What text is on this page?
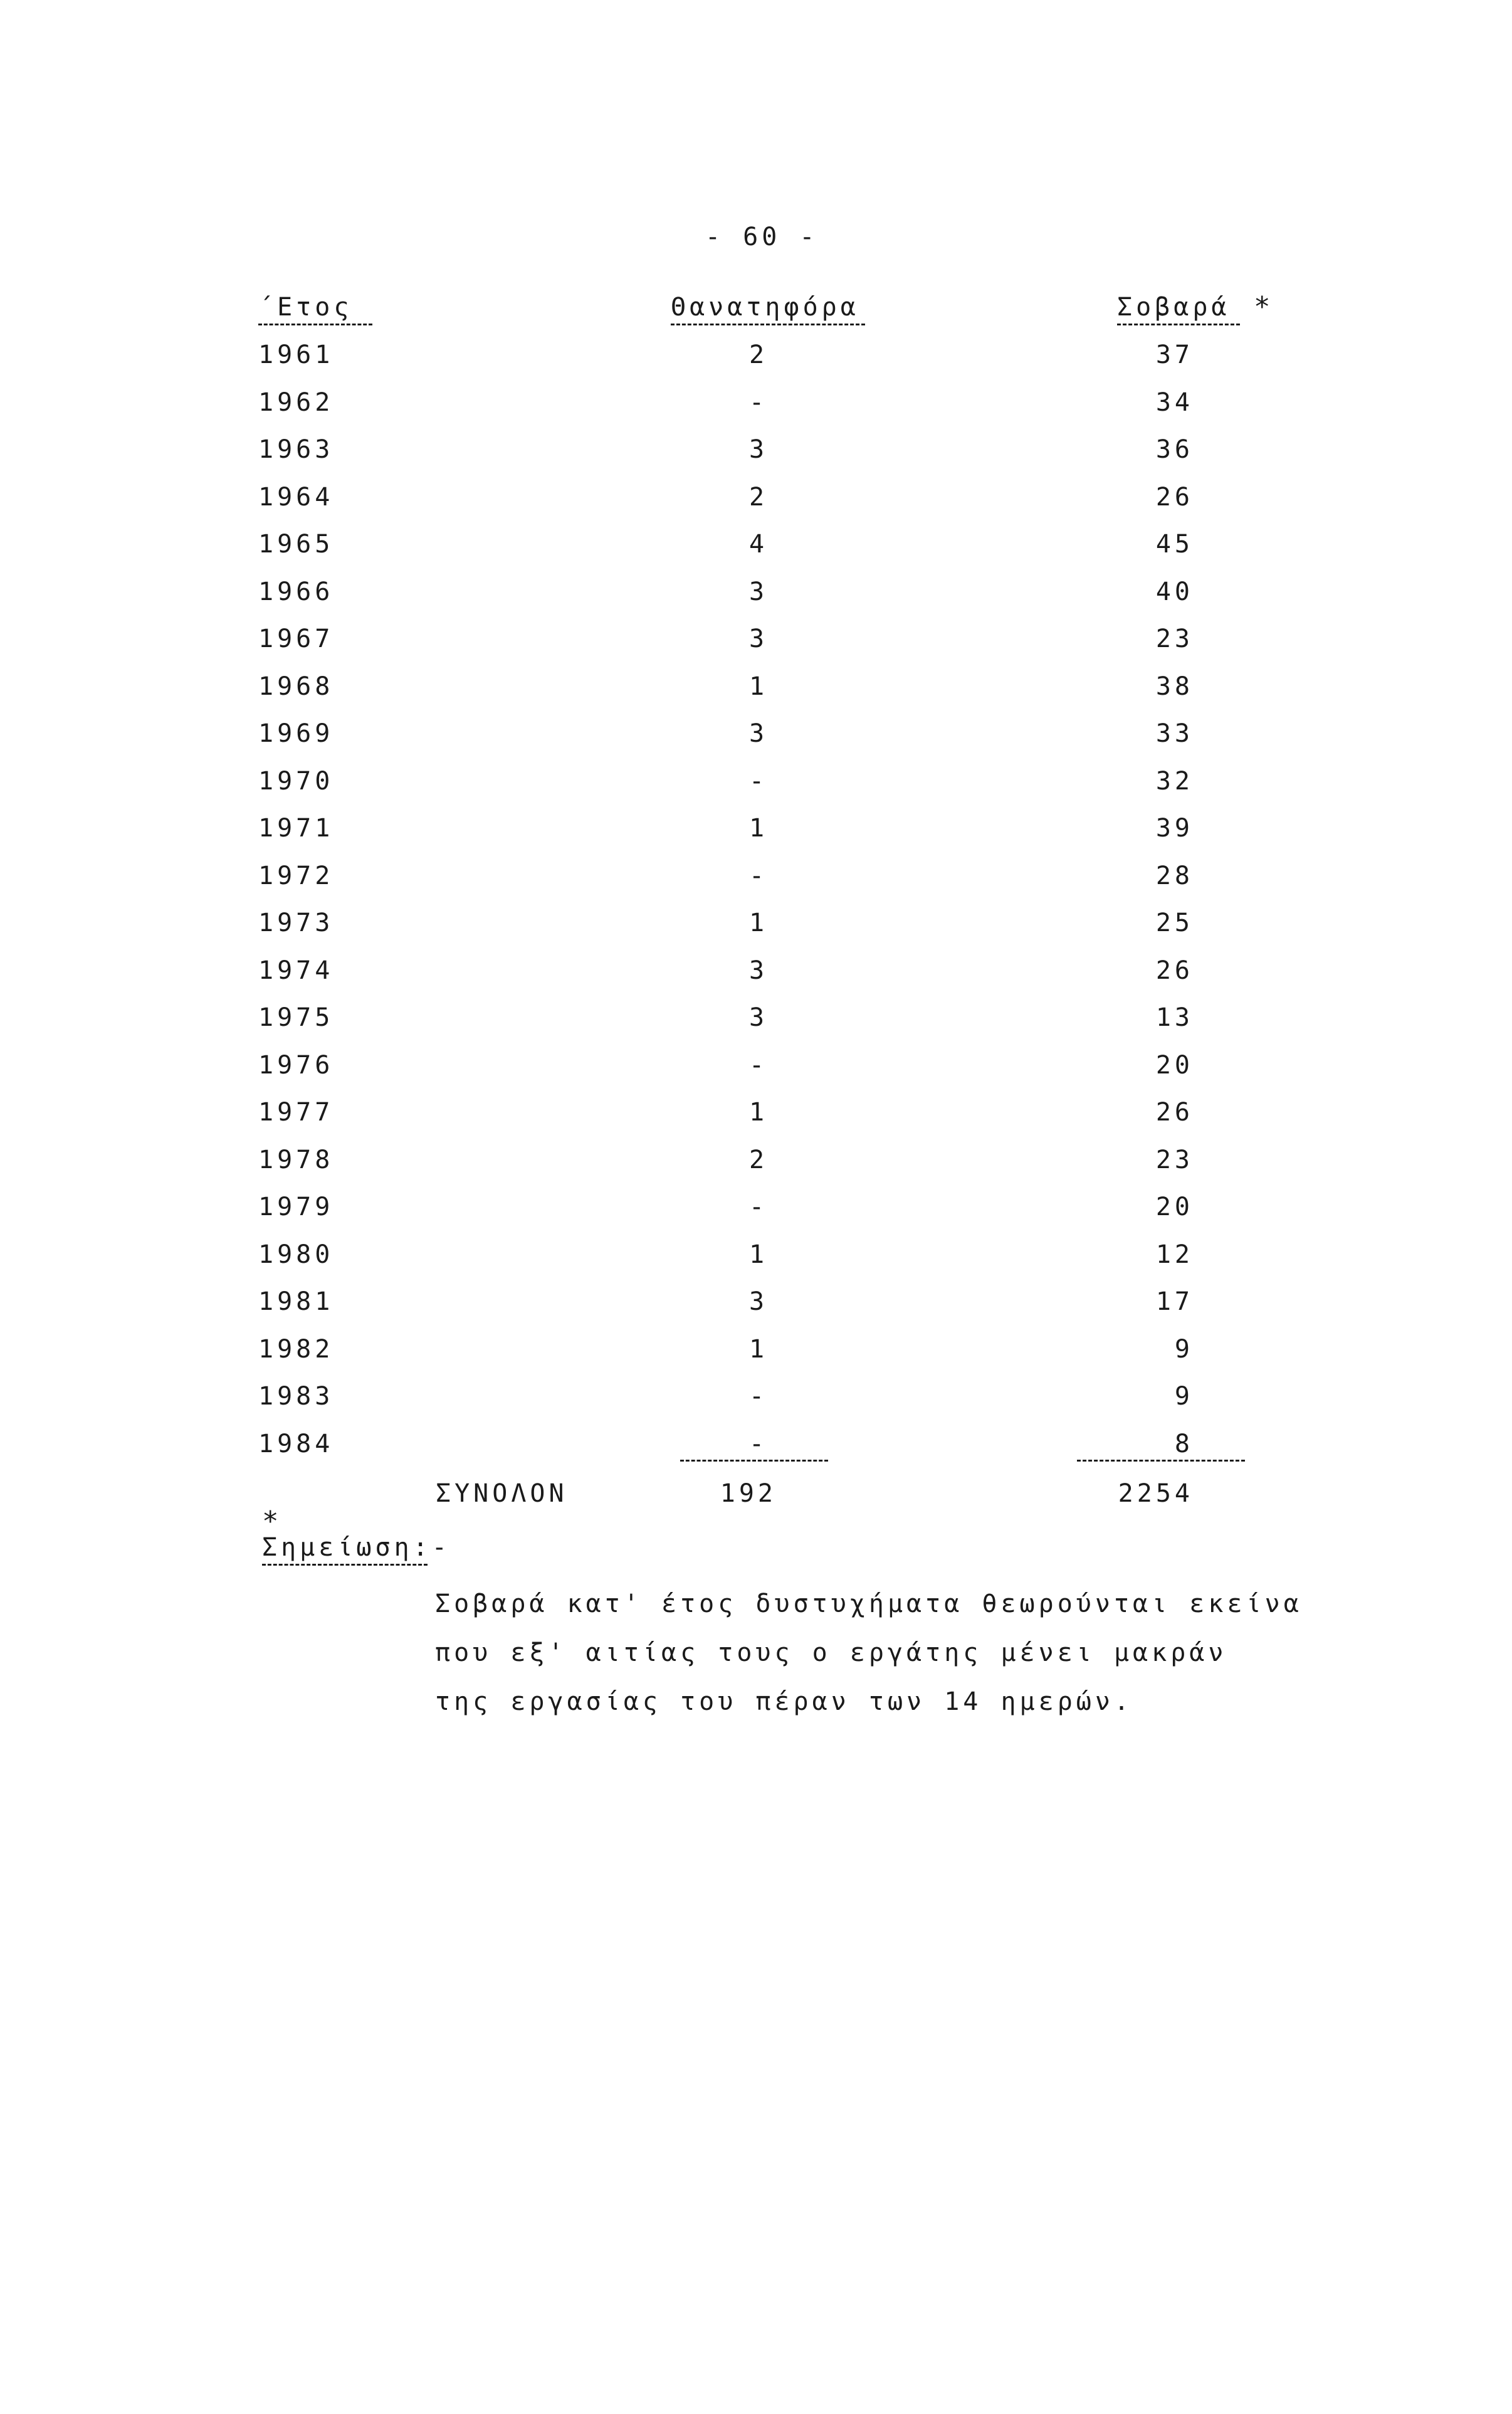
- 60 -
΄Ετος	Θανατηφόρα	Σοβαρά *
1961	2	37
1962	-	34
1963	3	36
1964	2	26
1965	4	45
1966	3	40
1967	3	23
1968	1	38
1969	3	33
1970	-	32
1971	1	39
1972	-	28
1973	1	25
1974	3	26
1975	3	13
1976	-	20
1977	1	26
1978	2	23
1979	-	20
1980	1	12
1981	3	17
1982	1	9
1983	-	9
1984	-	8
ΣΥΝΟΛΟΝ	192	2254
*
Σημείωση:-
Σοβαρά κατ' έτος δυστυχήματα θεωρούνται εκείνα
που εξ' αιτίας τους ο εργάτης μένει μακράν
της εργασίας του πέραν των 14 ημερών.
